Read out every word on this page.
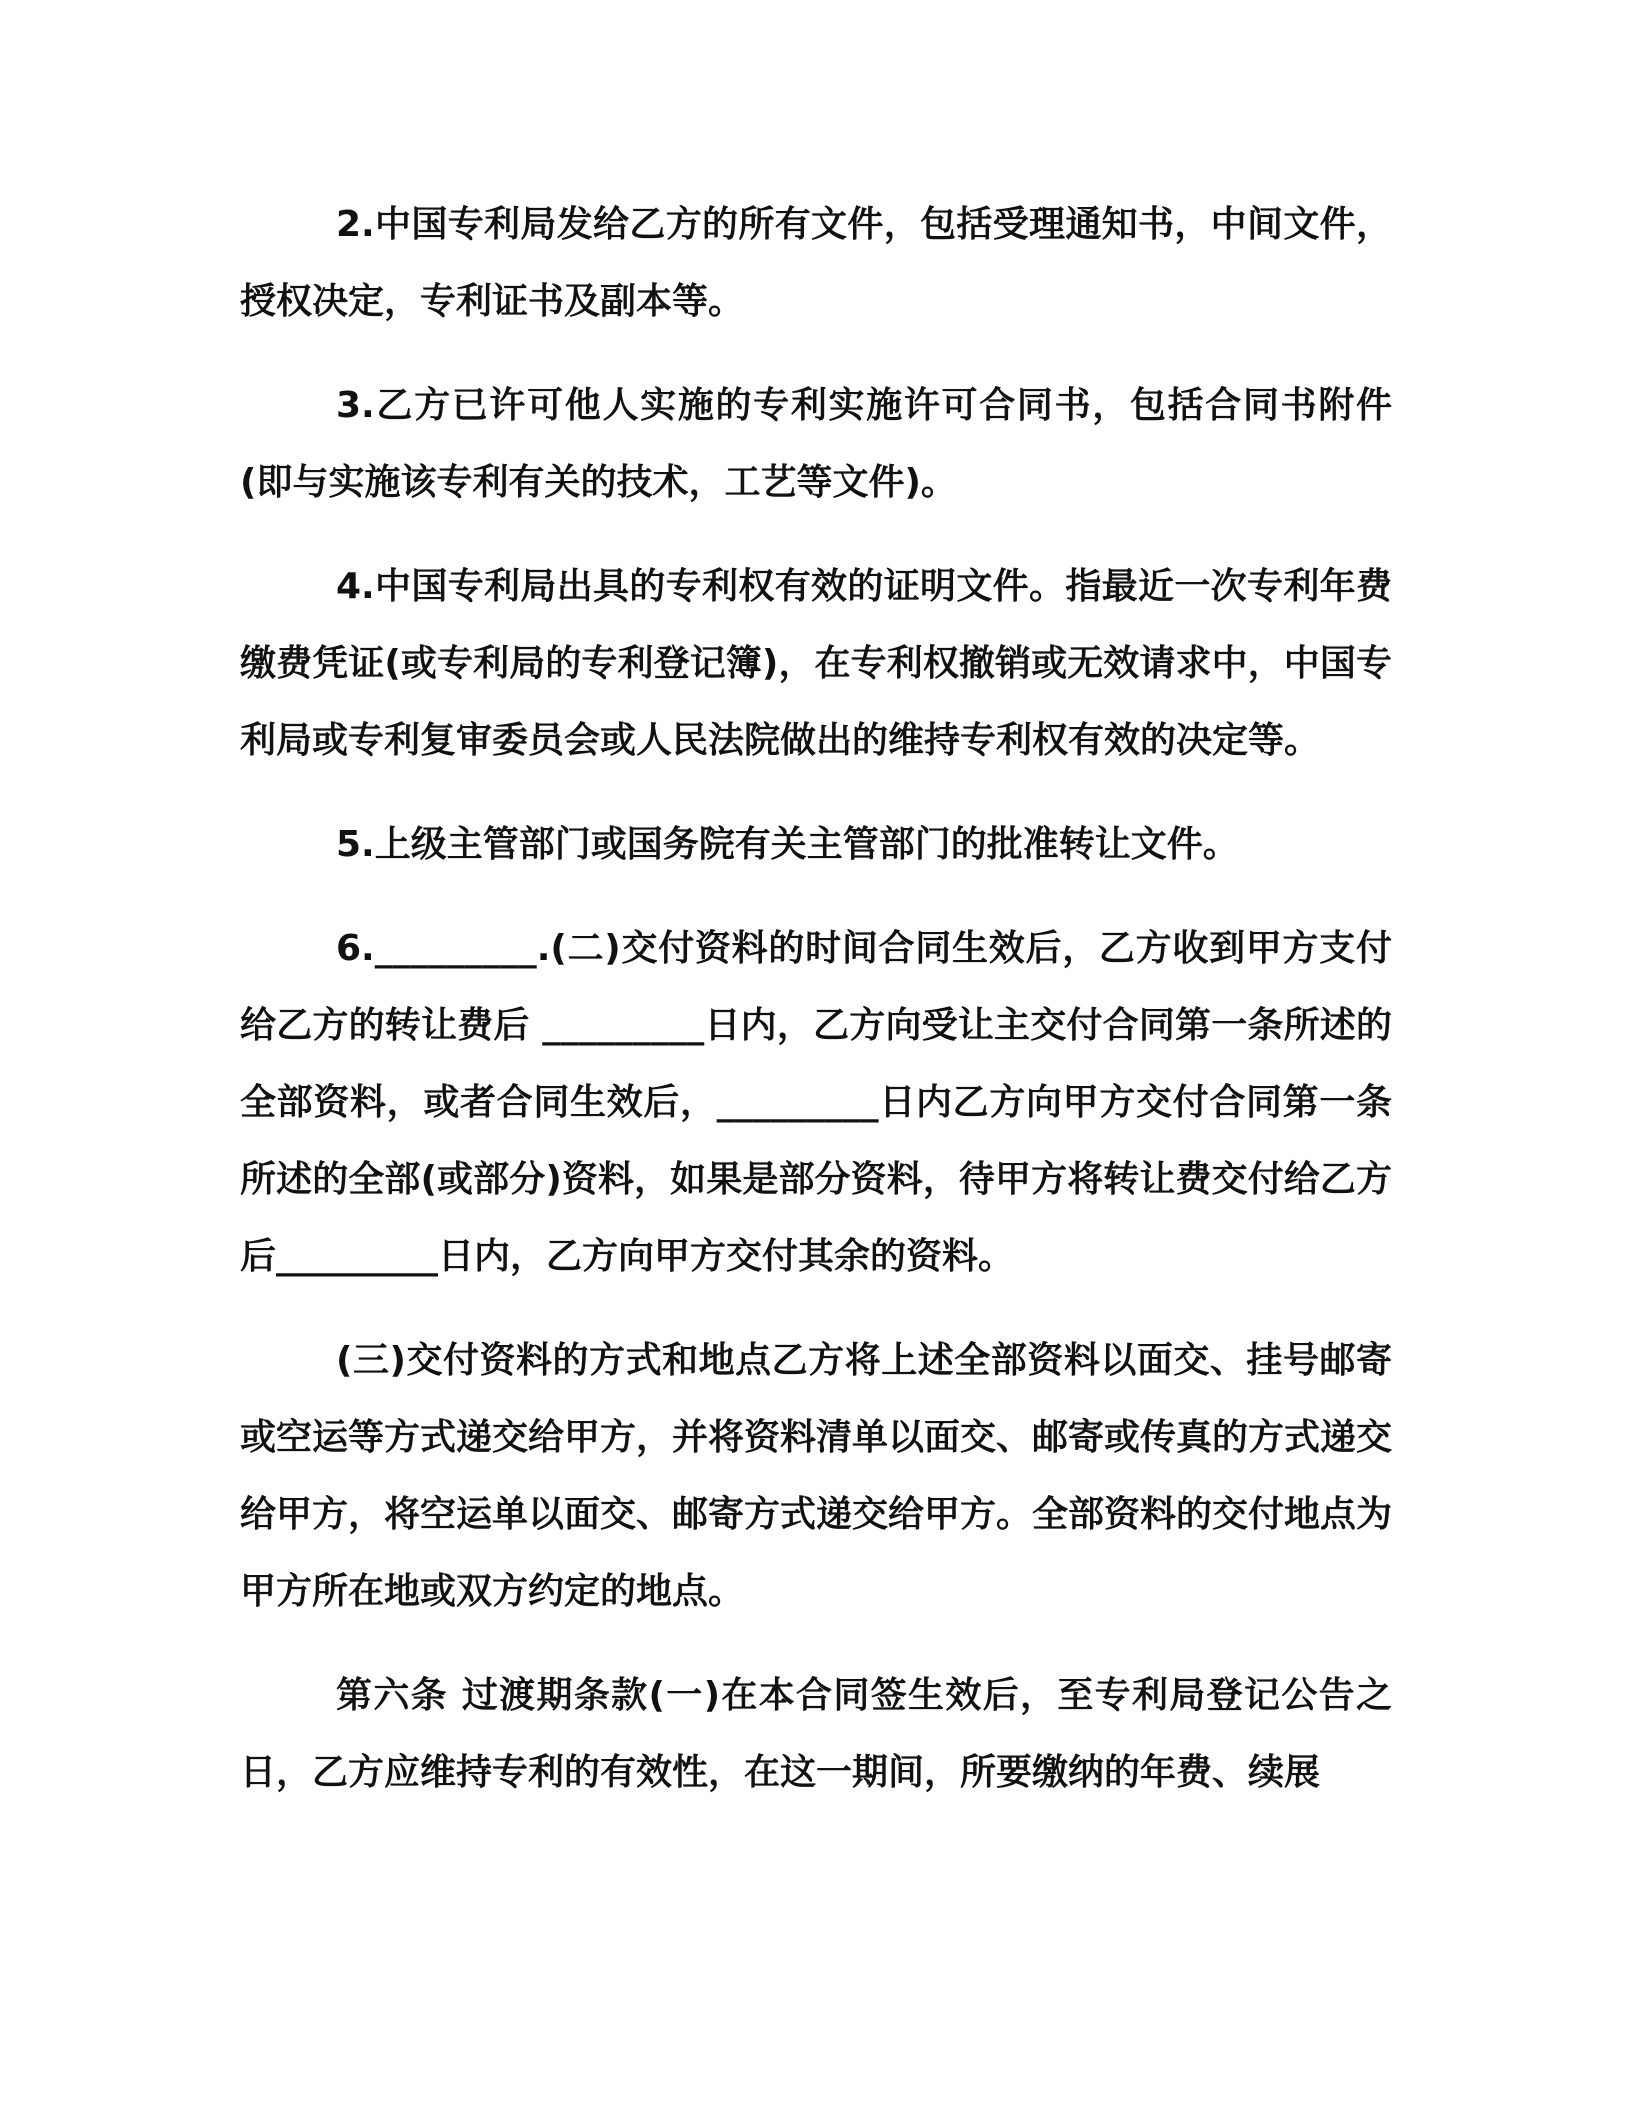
2.中国专利局发给乙方的所有文件，包括受理通知书，中间文件，授权决定，专利证书及副本等。

3.乙方已许可他人实施的专利实施许可合同书，包括合同书附件(即与实施该专利有关的技术，工艺等文件)。

4.中国专利局出具的专利权有效的证明文件。指最近一次专利年费缴费凭证(或专利局的专利登记簿)，在专利权撤销或无效请求中，中国专利局或专利复审委员会或人民法院做出的维持专利权有效的决定等。

5.上级主管部门或国务院有关主管部门的批准转让文件。

6._________.(二)交付资料的时间合同生效后，乙方收到甲方支付给乙方的转让费后 _________日内，乙方向受让主交付合同第一条所述的全部资料，或者合同生效后，_________日内乙方向甲方交付合同第一条所述的全部(或部分)资料，如果是部分资料，待甲方将转让费交付给乙方后_________日内，乙方向甲方交付其余的资料。

(三)交付资料的方式和地点乙方将上述全部资料以面交、挂号邮寄或空运等方式递交给甲方，并将资料清单以面交、邮寄或传真的方式递交给甲方，将空运单以面交、邮寄方式递交给甲方。全部资料的交付地点为甲方所在地或双方约定的地点。

第六条 过渡期条款(一)在本合同签生效后，至专利局登记公告之日，乙方应维持专利的有效性，在这一期间，所要缴纳的年费、续展
